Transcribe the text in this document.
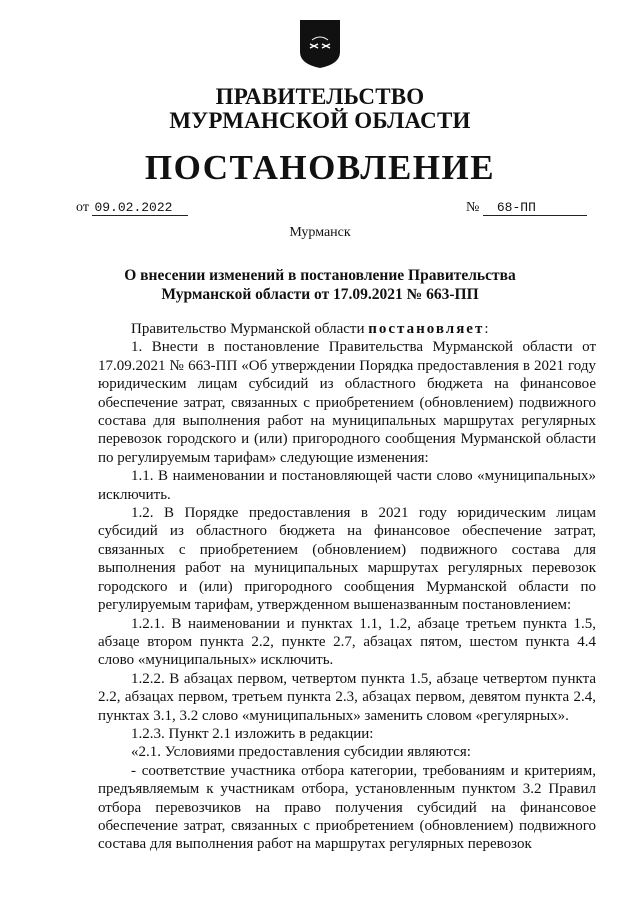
ПРАВИТЕЛЬСТВО
МУРМАНСКОЙ ОБЛАСТИ
ПОСТАНОВЛЕНИЕ
от 09.02.2022	№ 68-ПП
Мурманск
О внесении изменений в постановление Правительства
Мурманской области от 17.09.2021 № 663-ПП

Правительство Мурманской области постановляет:

1. Внести в постановление Правительства Мурманской области от 17.09.2021 № 663-ПП «Об утверждении Порядка предоставления в 2021 году юридическим лицам субсидий из областного бюджета на финансовое обеспечение затрат, связанных с приобретением (обновлением) подвижного состава для выполнения работ на муниципальных маршрутах регулярных перевозок городского и (или) пригородного сообщения Мурманской области по регулируемым тарифам» следующие изменения:

1.1. В наименовании и постановляющей части слово «муниципальных» исключить.

1.2. В Порядке предоставления в 2021 году юридическим лицам субсидий из областного бюджета на финансовое обеспечение затрат, связанных с приобретением (обновлением) подвижного состава для выполнения работ на муниципальных маршрутах регулярных перевозок городского и (или) пригородного сообщения Мурманской области по регулируемым тарифам, утвержденном вышеназванным постановлением:

1.2.1. В наименовании и пунктах 1.1, 1.2, абзаце третьем пункта 1.5, абзаце втором пункта 2.2, пункте 2.7, абзацах пятом, шестом пункта 4.4 слово «муниципальных» исключить.

1.2.2. В абзацах первом, четвертом пункта 1.5, абзаце четвертом пункта 2.2, абзацах первом, третьем пункта 2.3, абзацах первом, девятом пункта 2.4, пунктах 3.1, 3.2 слово «муниципальных» заменить словом «регулярных».

1.2.3. Пункт 2.1 изложить в редакции:

«2.1. Условиями предоставления субсидии являются:

- соответствие участника отбора категории, требованиям и критериям, предъявляемым к участникам отбора, установленным пунктом 3.2 Правил отбора перевозчиков на право получения субсидий на финансовое обеспечение затрат, связанных с приобретением (обновлением) подвижного состава для выполнения работ на маршрутах регулярных перевозок
